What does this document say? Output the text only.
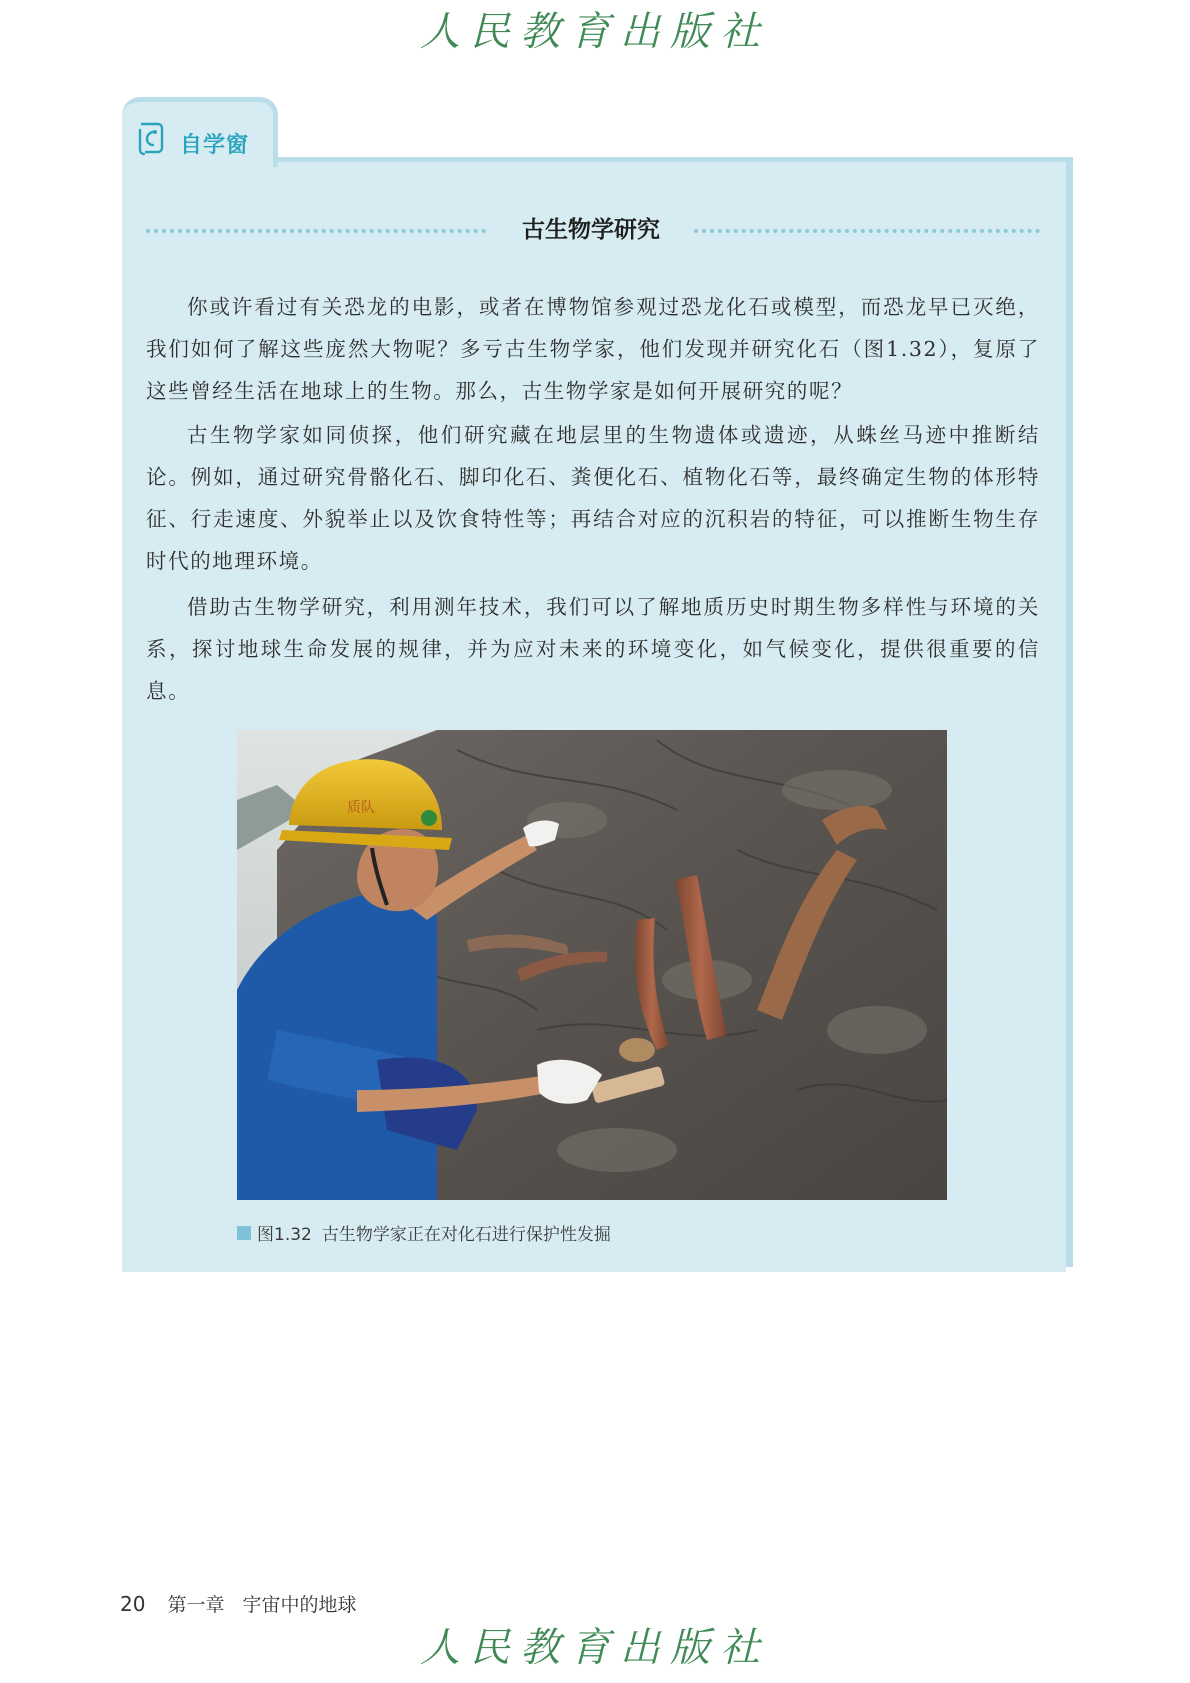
人民教育出版社
自学窗
古生物学研究

你或许看过有关恐龙的电影，或者在博物馆参观过恐龙化石或模型，而恐龙早已灭绝，我们如何了解这些庞然大物呢？多亏古生物学家，他们发现并研究化石（图1.32），复原了这些曾经生活在地球上的生物。那么，古生物学家是如何开展研究的呢？

古生物学家如同侦探，他们研究藏在地层里的生物遗体或遗迹，从蛛丝马迹中推断结论。例如，通过研究骨骼化石、脚印化石、粪便化石、植物化石等，最终确定生物的体形特征、行走速度、外貌举止以及饮食特性等；再结合对应的沉积岩的特征，可以推断生物生存时代的地理环境。

借助古生物学研究，利用测年技术，我们可以了解地质历史时期生物多样性与环境的关系，探讨地球生命发展的规律，并为应对未来的环境变化，如气候变化，提供很重要的信息。

质队
图1.32 古生物学家正在对化石进行保护性发掘
20 第一章 宇宙中的地球
人民教育出版社
